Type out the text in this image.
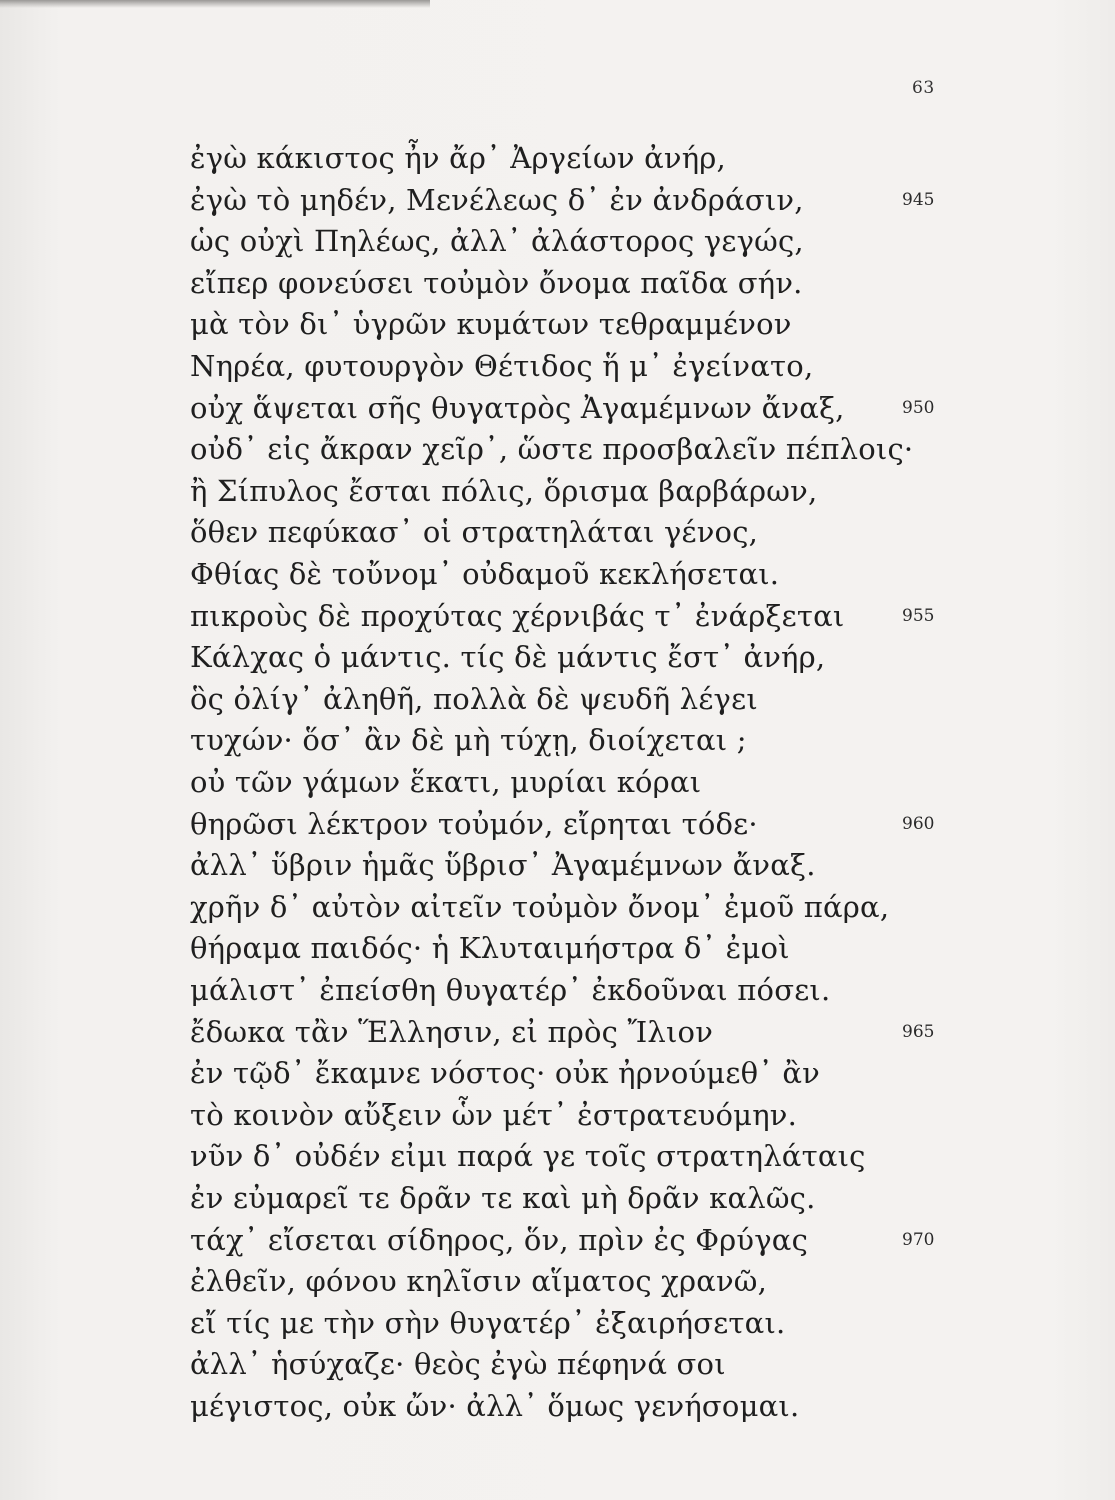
63
ἐγὼ κάκιστος ἦν ἄρ᾽ Ἀργείων ἀνήρ,
ἐγὼ τὸ μηδέν, Μενέλεως δ᾽ ἐν ἀνδράσιν,
ὡς οὐχὶ Πηλέως, ἀλλ᾽ ἀλάστορος γεγώς,
εἴπερ φονεύσει τοὐμὸν ὄνομα παῖδα σήν.
μὰ τὸν δι᾽ ὑγρῶν κυμάτων τεθραμμένον
Νηρέα, φυτουργὸν Θέτιδος ἥ μ᾽ ἐγείνατο,
οὐχ ἅψεται σῆς θυγατρὸς Ἀγαμέμνων ἄναξ,
οὐδ᾽ εἰς ἄκραν χεῖρ᾽, ὥστε προσβαλεῖν πέπλοις·
ἢ Σίπυλος ἔσται πόλις, ὅρισμα βαρβάρων,
ὅθεν πεφύκασ᾽ οἱ στρατηλάται γένος,
Φθίας δὲ τοὔνομ᾽ οὐδαμοῦ κεκλήσεται.
πικροὺς δὲ προχύτας χέρνιβάς τ᾽ ἐνάρξεται
Κάλχας ὁ μάντις. τίς δὲ μάντις ἔστ᾽ ἀνήρ,
ὃς ὀλίγ᾽ ἀληθῆ, πολλὰ δὲ ψευδῆ λέγει
τυχών· ὅσ᾽ ἂν δὲ μὴ τύχῃ, διοίχεται ;
οὐ τῶν γάμων ἕκατι, μυρίαι κόραι
θηρῶσι λέκτρον τοὐμόν, εἴρηται τόδε·
ἀλλ᾽ ὕβριν ἡμᾶς ὕβρισ᾽ Ἀγαμέμνων ἄναξ.
χρῆν δ᾽ αὐτὸν αἰτεῖν τοὐμὸν ὄνομ᾽ ἐμοῦ πάρα,
θήραμα παιδός· ἡ Κλυταιμήστρα δ᾽ ἐμοὶ
μάλιστ᾽ ἐπείσθη θυγατέρ᾽ ἐκδοῦναι πόσει.
ἔδωκα τἂν Ἕλλησιν, εἰ πρὸς Ἴλιον
ἐν τῷδ᾽ ἔκαμνε νόστος· οὐκ ἠρνούμεθ᾽ ἂν
τὸ κοινὸν αὔξειν ὧν μέτ᾽ ἐστρατευόμην.
νῦν δ᾽ οὐδέν εἰμι παρά γε τοῖς στρατηλάταις
ἐν εὐμαρεῖ τε δρᾶν τε καὶ μὴ δρᾶν καλῶς.
τάχ᾽ εἴσεται σίδηρος, ὅν, πρὶν ἐς Φρύγας
ἐλθεῖν, φόνου κηλῖσιν αἵματος χρανῶ,
εἴ τίς με τὴν σὴν θυγατέρ᾽ ἐξαιρήσεται.
ἀλλ᾽ ἡσύχαζε· θεὸς ἐγὼ πέφηνά σοι
μέγιστος, οὐκ ὤν· ἀλλ᾽ ὅμως γενήσομαι.
945
950
955
960
965
970
